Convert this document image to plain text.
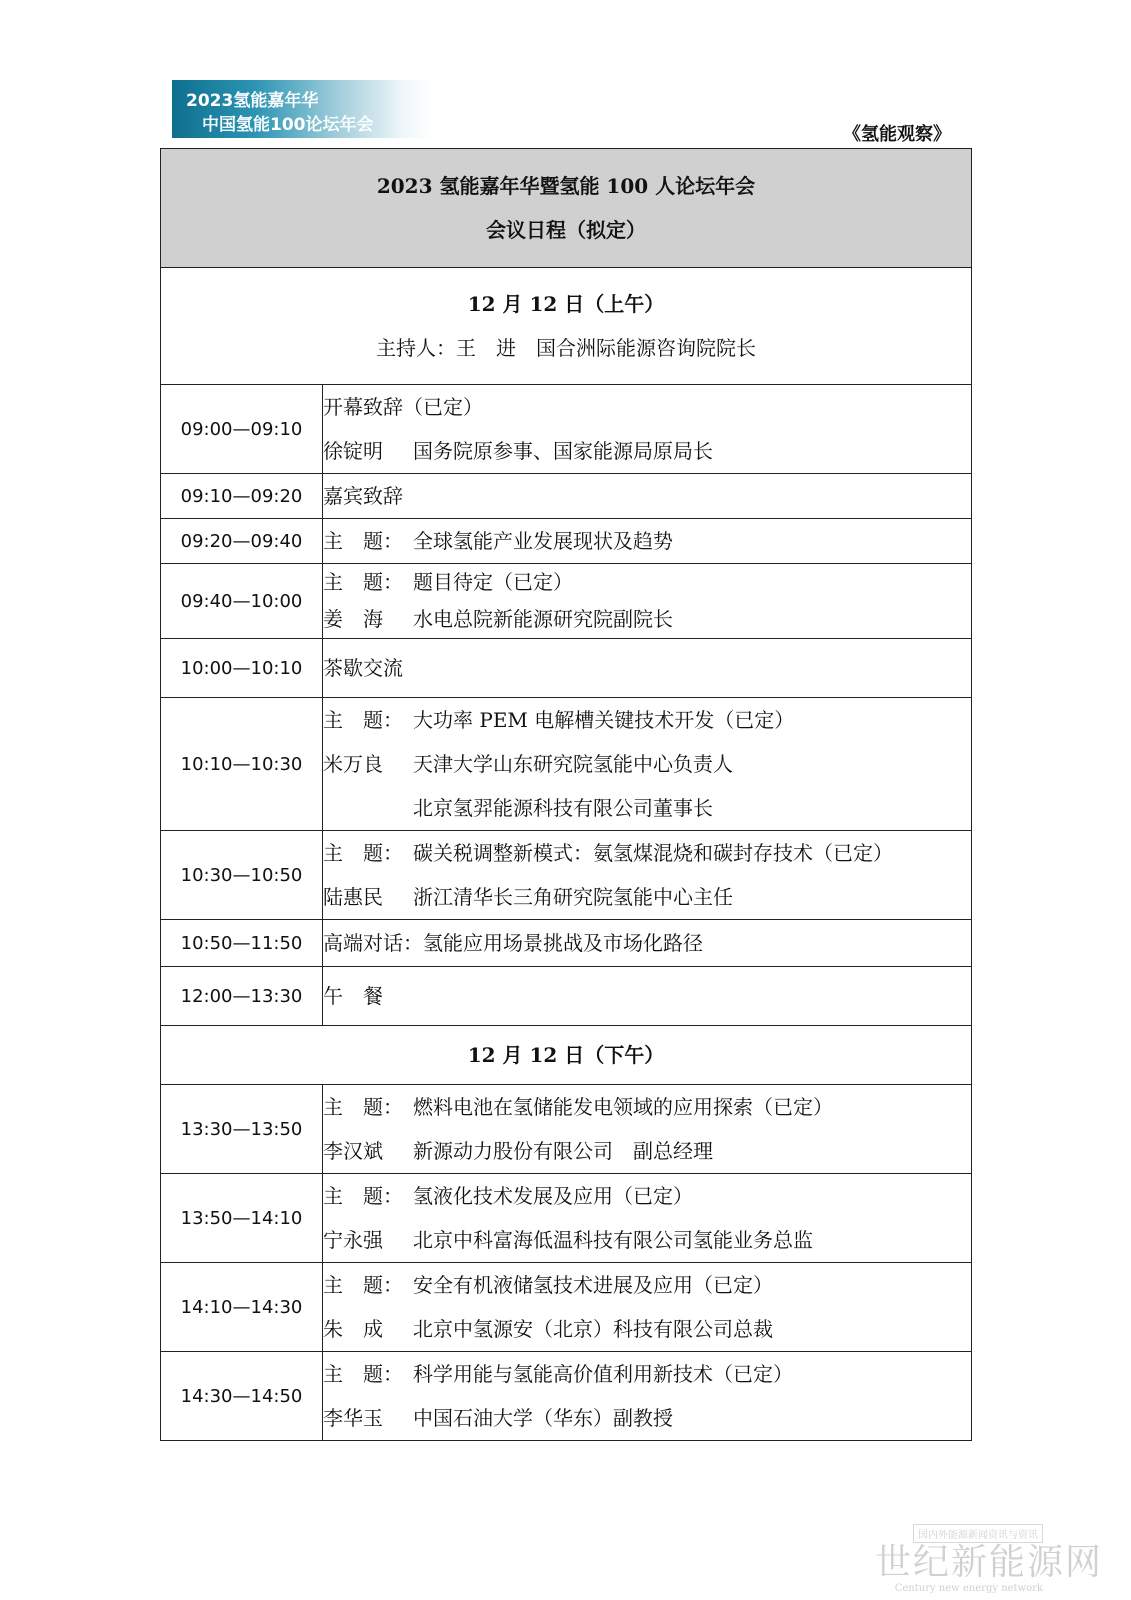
2023氢能嘉年华
中国氢能100论坛年会	《氢能观察》
2023 氢能嘉年华暨氢能 100 人论坛年会
会议日程（拟定）	

12 月 12 日（上午）
主持人：王　进　国合洲际能源咨询院院长	

09:00—09:10	开幕致辞（已定）
徐锭明 国务院原参事、国家能源局原局长

09:10—09:20	嘉宾致辞

09:20—09:40	主　题： 全球氢能产业发展现状及趋势

09:40—10:00	主　题： 题目待定（已定）
姜　海 水电总院新能源研究院副院长

10:00—10:10	茶歇交流

10:10—10:30	主　题： 大功率 PEM 电解槽关键技术开发（已定）
米万良 天津大学山东研究院氢能中心负责人
北京氢羿能源科技有限公司董事长

10:30—10:50	主　题： 碳关税调整新模式：氨氢煤混烧和碳封存技术（已定）
陆惠民 浙江清华长三角研究院氢能中心主任

10:50—11:50	高端对话：氢能应用场景挑战及市场化路径

12:00—13:30	午　餐

12 月 12 日（下午）	

13:30—13:50	主　题： 燃料电池在氢储能发电领域的应用探索（已定）
李汉斌 新源动力股份有限公司　副总经理

13:50—14:10	主　题： 氢液化技术发展及应用（已定）
宁永强 北京中科富海低温科技有限公司氢能业务总监

14:10—14:30	主　题： 安全有机液储氢技术进展及应用（已定）
朱　成 北京中氢源安（北京）科技有限公司总裁

14:30—14:50	主　题： 科学用能与氢能高价值利用新技术（已定）
李华玉 中国石油大学（华东）副教授
国内外能源新闻资讯与资讯
世纪新能源网
Century new energy network
